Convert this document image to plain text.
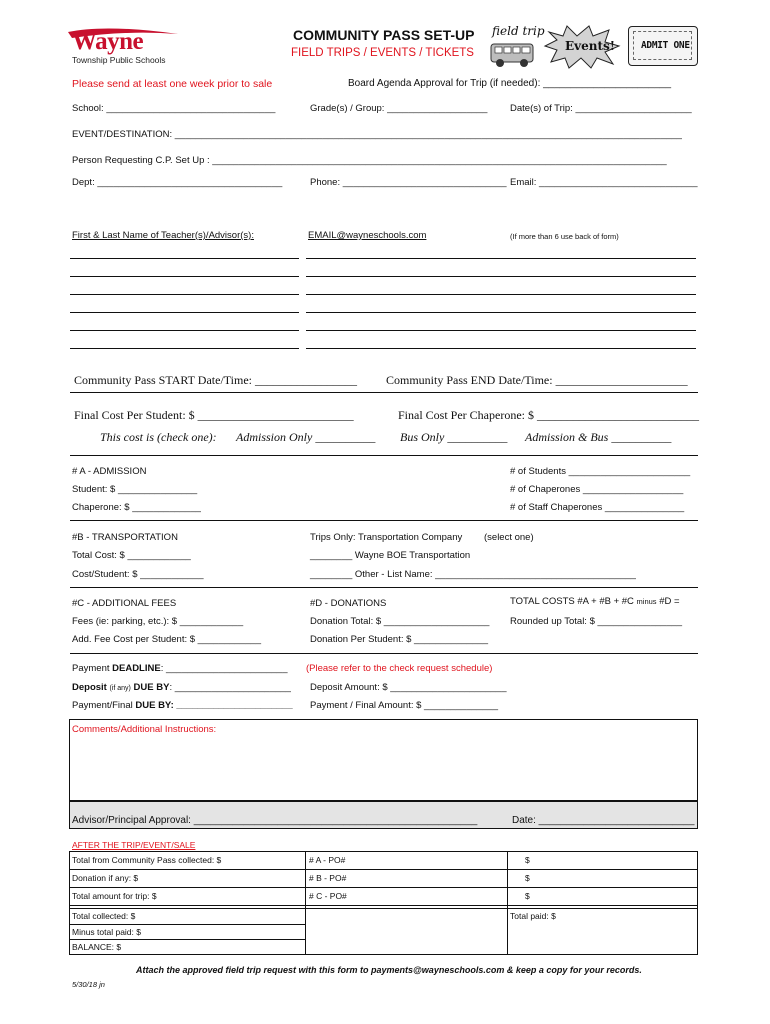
Wayne
Township Public Schools
COMMUNITY PASS SET-UP
FIELD TRIPS / EVENTS / TICKETS
field trip
Events!	ADMIT ONE
Please send at least one week prior to sale	Board Agenda Approval for Trip (if needed): _______________________
School: ________________________________	Grade(s) / Group: ___________________ Date(s) of Trip: ______________________
EVENT/DESTINATION: ________________________________________________________________________________________________
Person Requesting C.P. Set Up : ______________________________________________________________________________________
Dept: ___________________________________	Phone: _______________________________ Email: ______________________________
First & Last Name of Teacher(s)/Advisor(s):	EMAIL@wayneschools.com	(If more than 6 use back of form)
Community Pass START Date/Time: _________________ Community Pass END Date/Time: ______________________
Final Cost Per Student: $ __________________________	Final Cost Per Chaperone: $ ___________________________
This cost is (check one): Admission Only __________ Bus Only __________ Admission & Bus __________
# A - ADMISSION
Student: $ _______________
Chaperone: $ _____________
# of Students _______________________
# of Chaperones ___________________
# of Staff Chaperones _______________
#B - TRANSPORTATION
Total Cost: $ ____________
Cost/Student: $ ____________
Trips Only: Transportation Company (select one)
________ Wayne BOE Transportation
________ Other - List Name: ______________________________________
#C - ADDITIONAL FEES
Fees (ie: parking, etc.): $ ____________
Add. Fee Cost per Student: $ ____________
#D - DONATIONS
Donation Total: $ ____________________
Donation Per Student: $ ______________
TOTAL COSTS #A + #B + #C minus #D =
Rounded up Total: $ ________________
Payment DEADLINE: _______________________ (Please refer to the check request schedule)
Deposit (if any) DUE BY: ______________________ Deposit Amount: $ ______________________
Payment/Final DUE BY: ______________________ Payment / Final Amount: $ ______________
Comments/Additional Instructions:
Advisor/Principal Approval: ___________________________________________________	Date: ____________________________
AFTER THE TRIP/EVENT/SALE
Total from Community Pass collected: $	# A - PO#	$
Donation if any: $	# B - PO#	$
Total amount for trip: $	# C - PO#	$
Total collected: $
Minus total paid: $
BALANCE: $
Total paid: $
Attach the approved field trip request with this form to payments@wayneschools.com & keep a copy for your records.
5/30/18 jn
